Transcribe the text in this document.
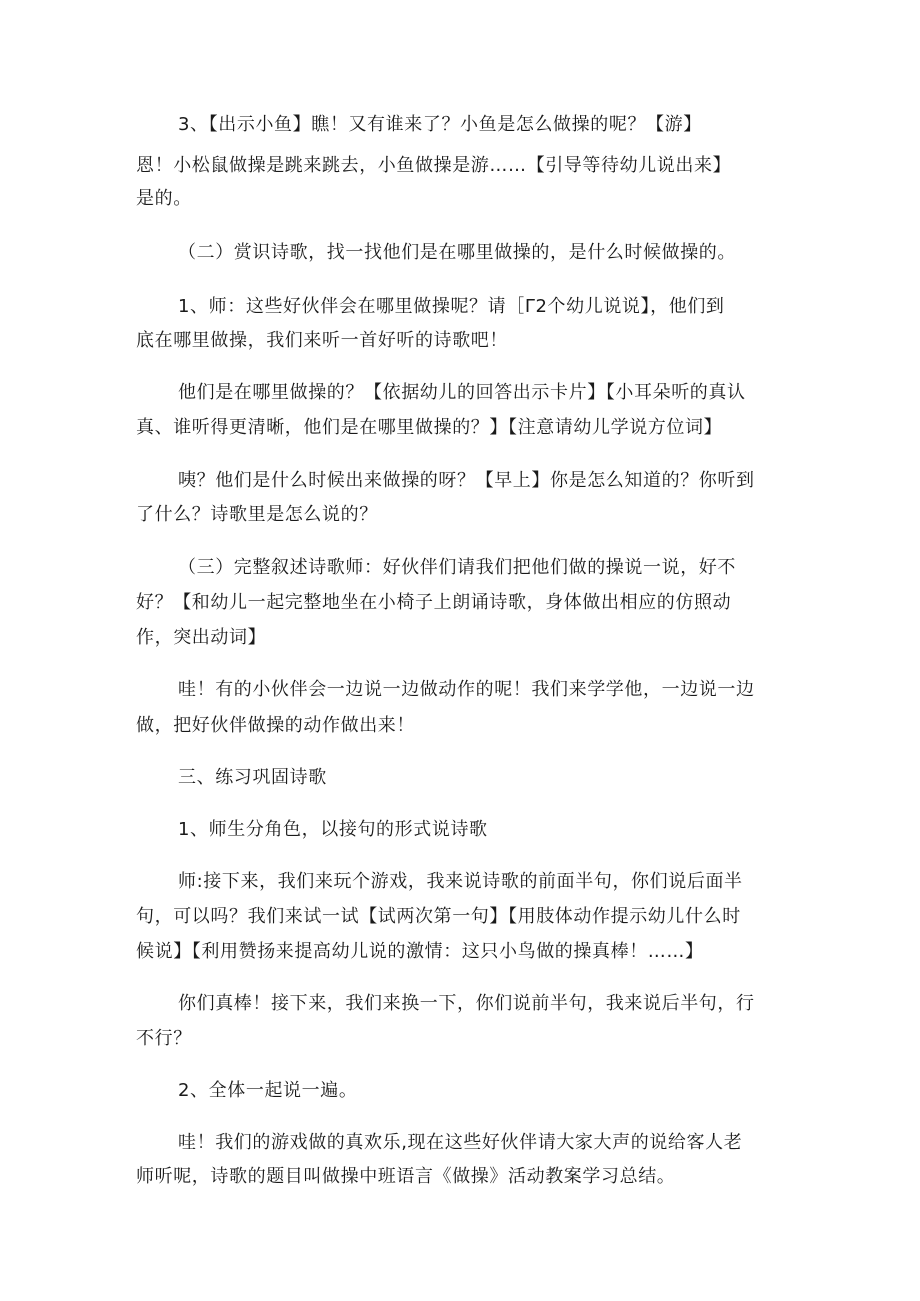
3、【出示小鱼】瞧！又有谁来了？小鱼是怎么做操的呢？【游】
恩！小松鼠做操是跳来跳去，小鱼做操是游……【引导等待幼儿说出来】
是的。
（二）赏识诗歌，找一找他们是在哪里做操的，是什么时候做操的。
1、师：这些好伙伴会在哪里做操呢？请［Γ2个幼儿说说】，他们到
底在哪里做操，我们来听一首好听的诗歌吧！
他们是在哪里做操的？【依据幼儿的回答出示卡片】【小耳朵听的真认
真、谁听得更清晰，他们是在哪里做操的？】【注意请幼儿学说方位词】
咦？他们是什么时候出来做操的呀？【早上】你是怎么知道的？你听到
了什么？诗歌里是怎么说的？
（三）完整叙述诗歌师：好伙伴们请我们把他们做的操说一说，好不
好？【和幼儿一起完整地坐在小椅子上朗诵诗歌，身体做出相应的仿照动
作，突出动词】
哇！有的小伙伴会一边说一边做动作的呢！我们来学学他，一边说一边
做，把好伙伴做操的动作做出来！
三、练习巩固诗歌
1、师生分角色，以接句的形式说诗歌
师:接下来，我们来玩个游戏，我来说诗歌的前面半句，你们说后面半
句，可以吗？我们来试一试【试两次第一句】【用肢体动作提示幼儿什么时
候说】【利用赞扬来提高幼儿说的激情：这只小鸟做的操真棒！……】
你们真棒！接下来，我们来换一下，你们说前半句，我来说后半句，行
不行？
2、全体一起说一遍。
哇！我们的游戏做的真欢乐,现在这些好伙伴请大家大声的说给客人老
师听呢，诗歌的题目叫做操中班语言《做操》活动教案学习总结。
